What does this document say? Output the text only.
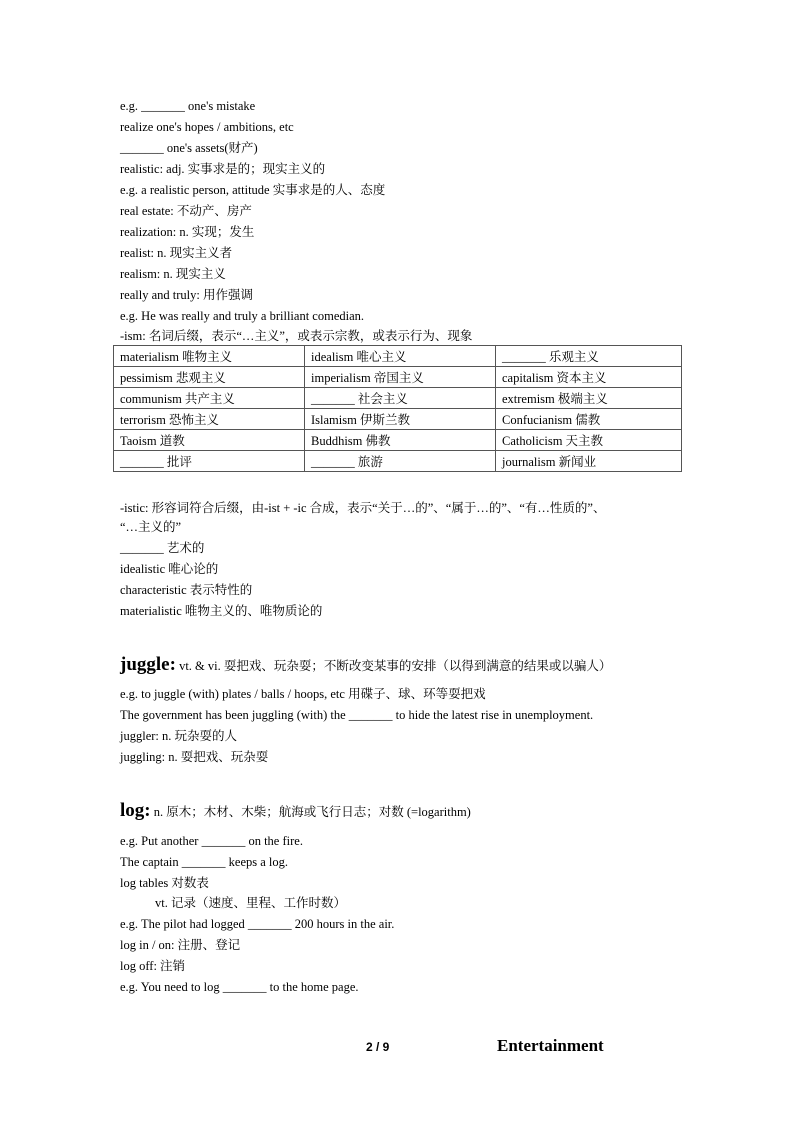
e.g. _______ one's mistake
realize one's hopes / ambitions, etc
_______ one's assets(财产)
realistic: adj. 实事求是的；现实主义的
e.g. a realistic person, attitude 实事求是的人、态度
real estate: 不动产、房产
realization: n. 实现；发生
realist: n. 现实主义者
realism: n. 现实主义
really and truly: 用作强调
e.g. He was really and truly a brilliant comedian.
-ism: 名词后缀，表示“…主义”，或表示宗教，或表示行为、现象
materialism 唯物主义	idealism 唯心主义	_______ 乐观主义
pessimism 悲观主义	imperialism 帝国主义	capitalism 资本主义
communism 共产主义	_______ 社会主义	extremism 极端主义
terrorism 恐怖主义	Islamism 伊斯兰教	Confucianism 儒教
Taoism 道教	Buddhism 佛教	Catholicism 天主教
_______ 批评	_______ 旅游	journalism 新闻业
-istic: 形容词符合后缀，由-ist + -ic 合成，表示“关于…的”、“属于…的”、“有…性质的”、
“…主义的”
_______ 艺术的
idealistic 唯心论的
characteristic 表示特性的
materialistic 唯物主义的、唯物质论的
juggle: vt. & vi. 耍把戏、玩杂耍；不断改变某事的安排（以得到满意的结果或以骗人）
e.g. to juggle (with) plates / balls / hoops, etc 用碟子、球、环等耍把戏
The government has been juggling (with) the _______ to hide the latest rise in unemployment.
juggler: n. 玩杂耍的人
juggling: n. 耍把戏、玩杂耍
log: n. 原木；木材、木柴；航海或飞行日志；对数 (=logarithm)
e.g. Put another _______ on the fire.
The captain _______ keeps a log.
log tables 对数表
vt. 记录（速度、里程、工作时数）
e.g. The pilot had logged _______ 200 hours in the air.
log in / on: 注册、登记
log off: 注销
e.g. You need to log _______ to the home page.
2 / 9	Entertainment
